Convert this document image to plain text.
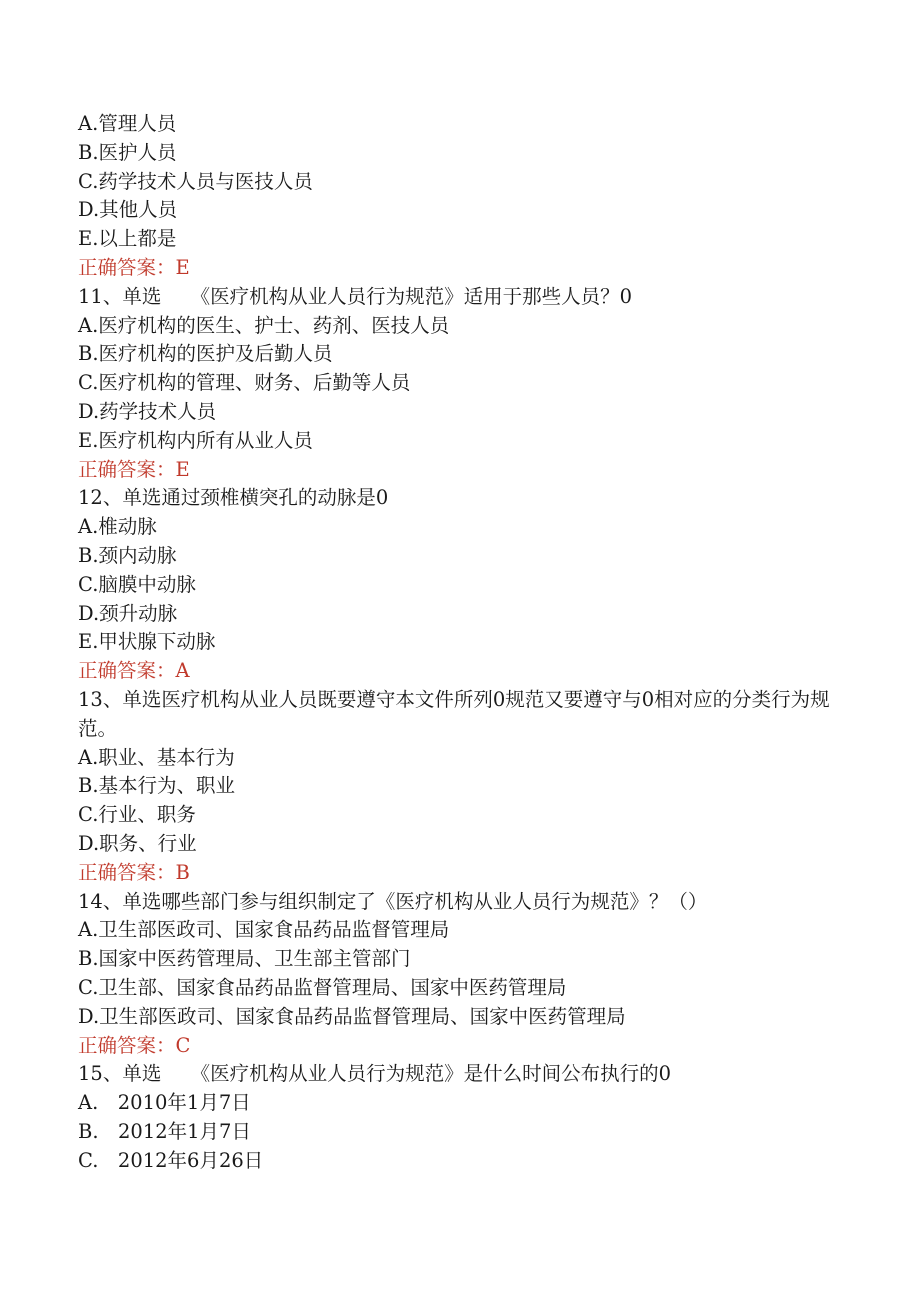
A.管理人员
B.医护人员
C.药学技术人员与医技人员
D.其他人员
E.以上都是
正确答案：E
11、单选　　《医疗机构从业人员行为规范》适用于那些人员？0
A.医疗机构的医生、护士、药剂、医技人员
B.医疗机构的医护及后勤人员
C.医疗机构的管理、财务、后勤等人员
D.药学技术人员
E.医疗机构内所有从业人员
正确答案：E
12、单选通过颈椎横突孔的动脉是0
A.椎动脉
B.颈内动脉
C.脑膜中动脉
D.颈升动脉
E.甲状腺下动脉
正确答案：A
13、单选医疗机构从业人员既要遵守本文件所列0规范又要遵守与0相对应的分类行为规范。
A.职业、基本行为
B.基本行为、职业
C.行业、职务
D.职务、行业
正确答案：B
14、单选哪些部门参与组织制定了《医疗机构从业人员行为规范》？（）
A.卫生部医政司、国家食品药品监督管理局
B.国家中医药管理局、卫生部主管部门
C.卫生部、国家食品药品监督管理局、国家中医药管理局
D.卫生部医政司、国家食品药品监督管理局、国家中医药管理局
正确答案：C
15、单选　　《医疗机构从业人员行为规范》是什么时间公布执行的0
A.　2010年1月7日
B.　2012年1月7日
C.　2012年6月26日
